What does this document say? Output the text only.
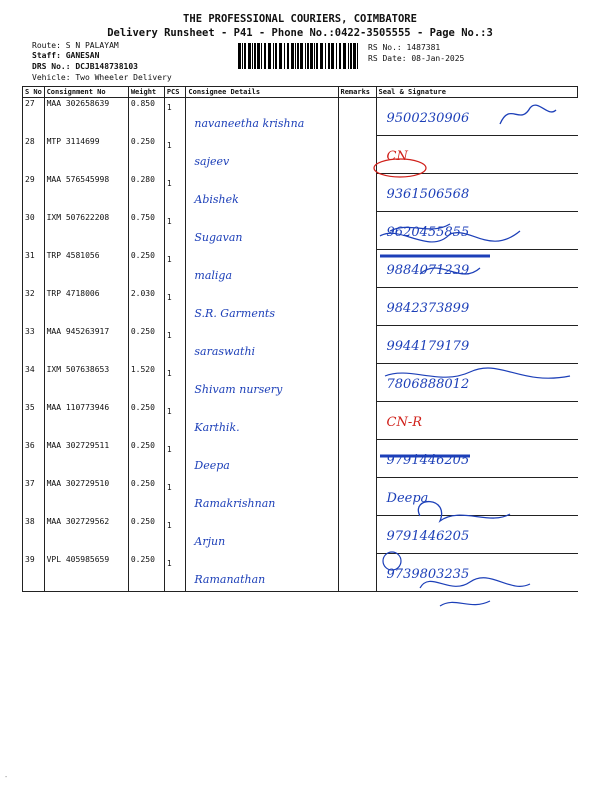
THE PROFESSIONAL COURIERS, COIMBATORE
Delivery Runsheet - P41 - Phone No.:0422-3505555 - Page No.:3
Route: S N PALAYAM
Staff: GANESAN
DRS No.: DCJB148738103
Vehicle: Two Wheeler Delivery
RS No.: 1487381
RS Date: 08-Jan-2025
S No	Consignment No	Weight	PCS	Consignee Details	Remarks	Seal & Signature
27	MAA 302658639	0.850	1	navaneetha krishna		9500230906

28	MTP 3114699	0.250	1	sajeev		CN

29	MAA 576545998	0.280	1	Abishek		9361506568

30	IXM 507622208	0.750	1	Sugavan		9620455855

31	TRP 4581056	0.250	1	maliga		9884071239

32	TRP 4718006	2.030	1	S.R. Garments		9842373899

33	MAA 945263917	0.250	1	saraswathi		9944179179

34	IXM 507638653	1.520	1	Shivam nursery		7806888012

35	MAA 110773946	0.250	1	Karthik.		CN-R

36	MAA 302729511	0.250	1	Deepa		9791446205

37	MAA 302729510	0.250	1	Ramakrishnan		Deepa

38	MAA 302729562	0.250	1	Arjun		9791446205

39	VPL 405985659	0.250	1	Ramanathan		9739803235
‐
